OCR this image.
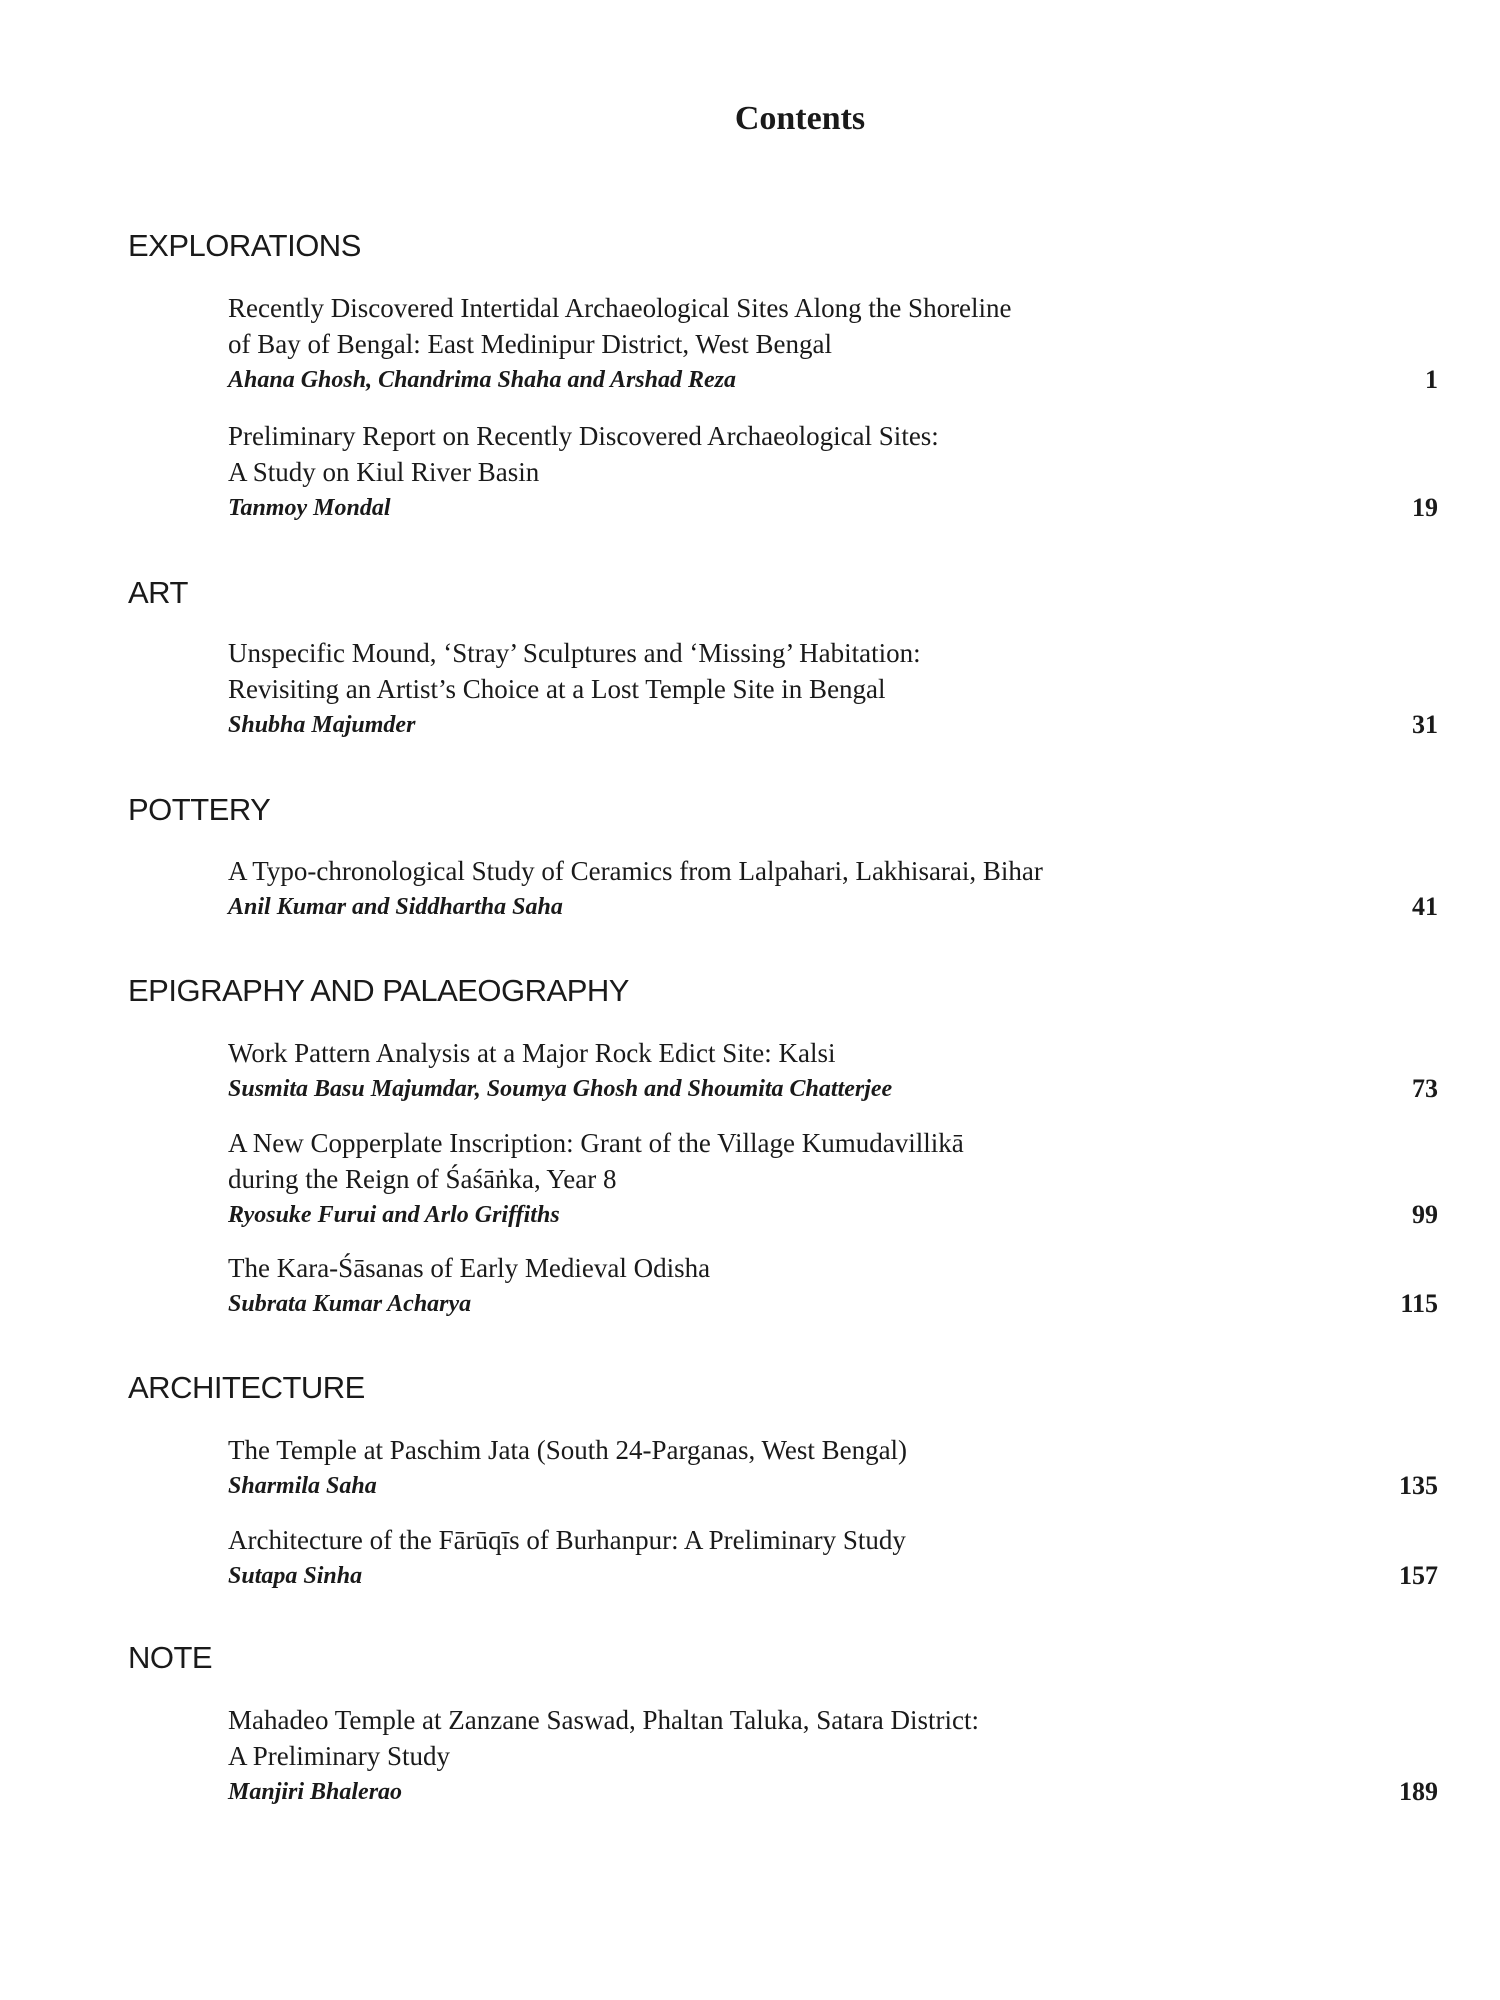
Contents
EXPLORATIONS
Recently Discovered Intertidal Archaeological Sites Along the Shoreline
of Bay of Bengal: East Medinipur District, West Bengal
Ahana Ghosh, Chandrima Shaha and Arshad Reza	1
Preliminary Report on Recently Discovered Archaeological Sites:
A Study on Kiul River Basin
Tanmoy Mondal	19
ART
Unspecific Mound, ‘Stray’ Sculptures and ‘Missing’ Habitation:
Revisiting an Artist’s Choice at a Lost Temple Site in Bengal
Shubha Majumder	31
POTTERY
A Typo-chronological Study of Ceramics from Lalpahari, Lakhisarai, Bihar
Anil Kumar and Siddhartha Saha	41
EPIGRAPHY AND PALAEOGRAPHY
Work Pattern Analysis at a Major Rock Edict Site: Kalsi
Susmita Basu Majumdar, Soumya Ghosh and Shoumita Chatterjee	73
A New Copperplate Inscription: Grant of the Village Kumudavillikā
during the Reign of Śaśāṅka, Year 8
Ryosuke Furui and Arlo Griffiths	99
The Kara-Śāsanas of Early Medieval Odisha
Subrata Kumar Acharya	115
ARCHITECTURE
The Temple at Paschim Jata (South 24-Parganas, West Bengal)
Sharmila Saha	135
Architecture of the Fārūqīs of Burhanpur: A Preliminary Study
Sutapa Sinha	157
NOTE
Mahadeo Temple at Zanzane Saswad, Phaltan Taluka, Satara District:
A Preliminary Study
Manjiri Bhalerao	189
